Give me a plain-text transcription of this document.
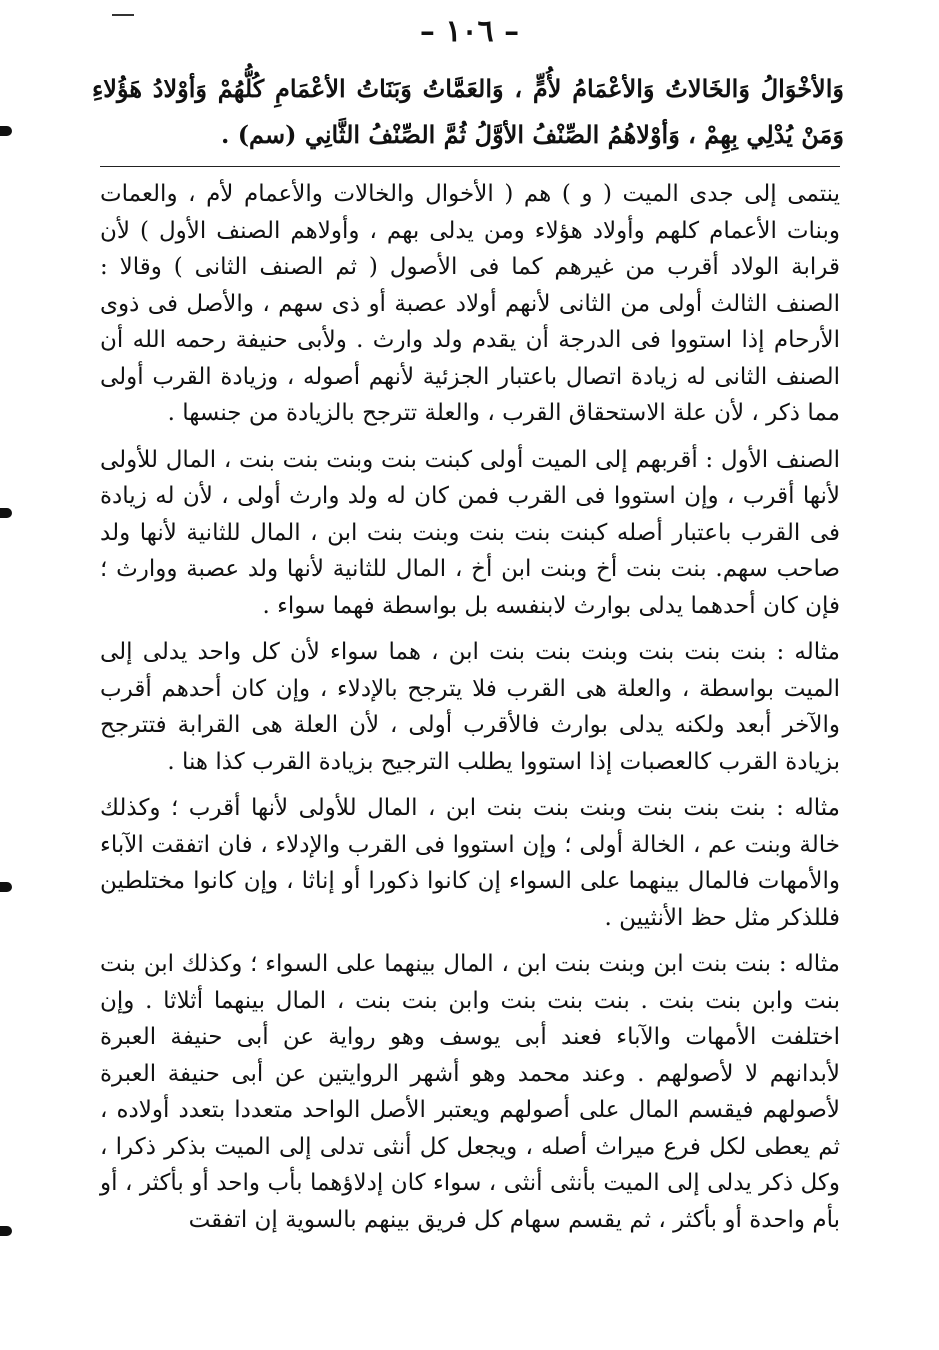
– ١٠٦ –
وَالأخْوَالُ وَالخَالاتُ وَالأعْمَامُ لأُمٍّ ، وَالعَمَّاتُ وَبَنَاتُ الأعْمَامِ كُلُّهُمْ وَأوْلادُ هَؤُلاءِ وَمَنْ يُدْلِي بِهِمْ ، وَأوْلاهُمُ الصِّنْفُ الأوَّلُ ثُمَّ الصِّنْفُ الثَّانِي (سم) .

ينتمى إلى جدى الميت ( و ) هم ( الأخوال والخالات والأعمام لأم ، والعمات وبنات الأعمام كلهم وأولاد هؤلاء ومن يدلى بهم ، وأولاهم الصنف الأول ) لأن قرابة الولاد أقرب من غيرهم كما فى الأصول ( ثم الصنف الثانى ) وقالا : الصنف الثالث أولى من الثانى لأنهم أولاد عصبة أو ذى سهم ، والأصل فى ذوى الأرحام إذا استووا فى الدرجة أن يقدم ولد وارث . ولأبى حنيفة رحمه الله أن الصنف الثانى له زيادة اتصال باعتبار الجزئية لأنهم أصوله ، وزيادة القرب أولى مما ذكر ، لأن علة الاستحقاق القرب ، والعلة تترجح بالزيادة من جنسها .

الصنف الأول : أقربهم إلى الميت أولى كبنت بنت وبنت بنت بنت ، المال للأولى لأنها أقرب ، وإن استووا فى القرب فمن كان له ولد وارث أولى ، لأن له زيادة فى القرب باعتبار أصله كبنت بنت بنت وبنت بنت ابن ، المال للثانية لأنها ولد صاحب سهم. بنت بنت أخ وبنت ابن أخ ، المال للثانية لأنها ولد عصبة ووارث ؛ فإن كان أحدهما يدلى بوارث لابنفسه بل بواسطة فهما سواء .

مثاله : بنت بنت بنت وبنت بنت بنت ابن ، هما سواء لأن كل واحد يدلى إلى الميت بواسطة ، والعلة هى القرب فلا يترجح بالإدلاء ، وإن كان أحدهم أقرب والآخر أبعد ولكنه يدلى بوارث فالأقرب أولى ، لأن العلة هى القرابة فتترجح بزيادة القرب كالعصبات إذا استووا يطلب الترجيح بزيادة القرب كذا هنا .

مثاله : بنت بنت بنت وبنت بنت بنت ابن ، المال للأولى لأنها أقرب ؛ وكذلك خالة وبنت عم ، الخالة أولى ؛ وإن استووا فى القرب والإدلاء ، فان اتفقت الآباء والأمهات فالمال بينهما على السواء إن كانوا ذكورا أو إناثا ، وإن كانوا مختلطين فللذكر مثل حظ الأنثيين .

مثاله : بنت بنت ابن وبنت بنت ابن ، المال بينهما على السواء ؛ وكذلك ابن بنت بنت وابن بنت بنت . بنت بنت بنت وابن بنت بنت ، المال بينهما أثلاثا . وإن اختلفت الأمهات والآباء فعند أبى يوسف وهو رواية عن أبى حنيفة العبرة لأبدانهم لا لأصولهم . وعند محمد وهو أشهر الروايتين عن أبى حنيفة العبرة لأصولهم فيقسم المال على أصولهم ويعتبر الأصل الواحد متعددا بتعدد أولاده ، ثم يعطى لكل فرع ميراث أصله ، ويجعل كل أنثى تدلى إلى الميت بذكر ذكرا ، وكل ذكر يدلى إلى الميت بأنثى أنثى ، سواء كان إدلاؤهما بأب واحد أو بأكثر ، أو بأم واحدة أو بأكثر ، ثم يقسم سهام كل فريق بينهم بالسوية إن اتفقت
